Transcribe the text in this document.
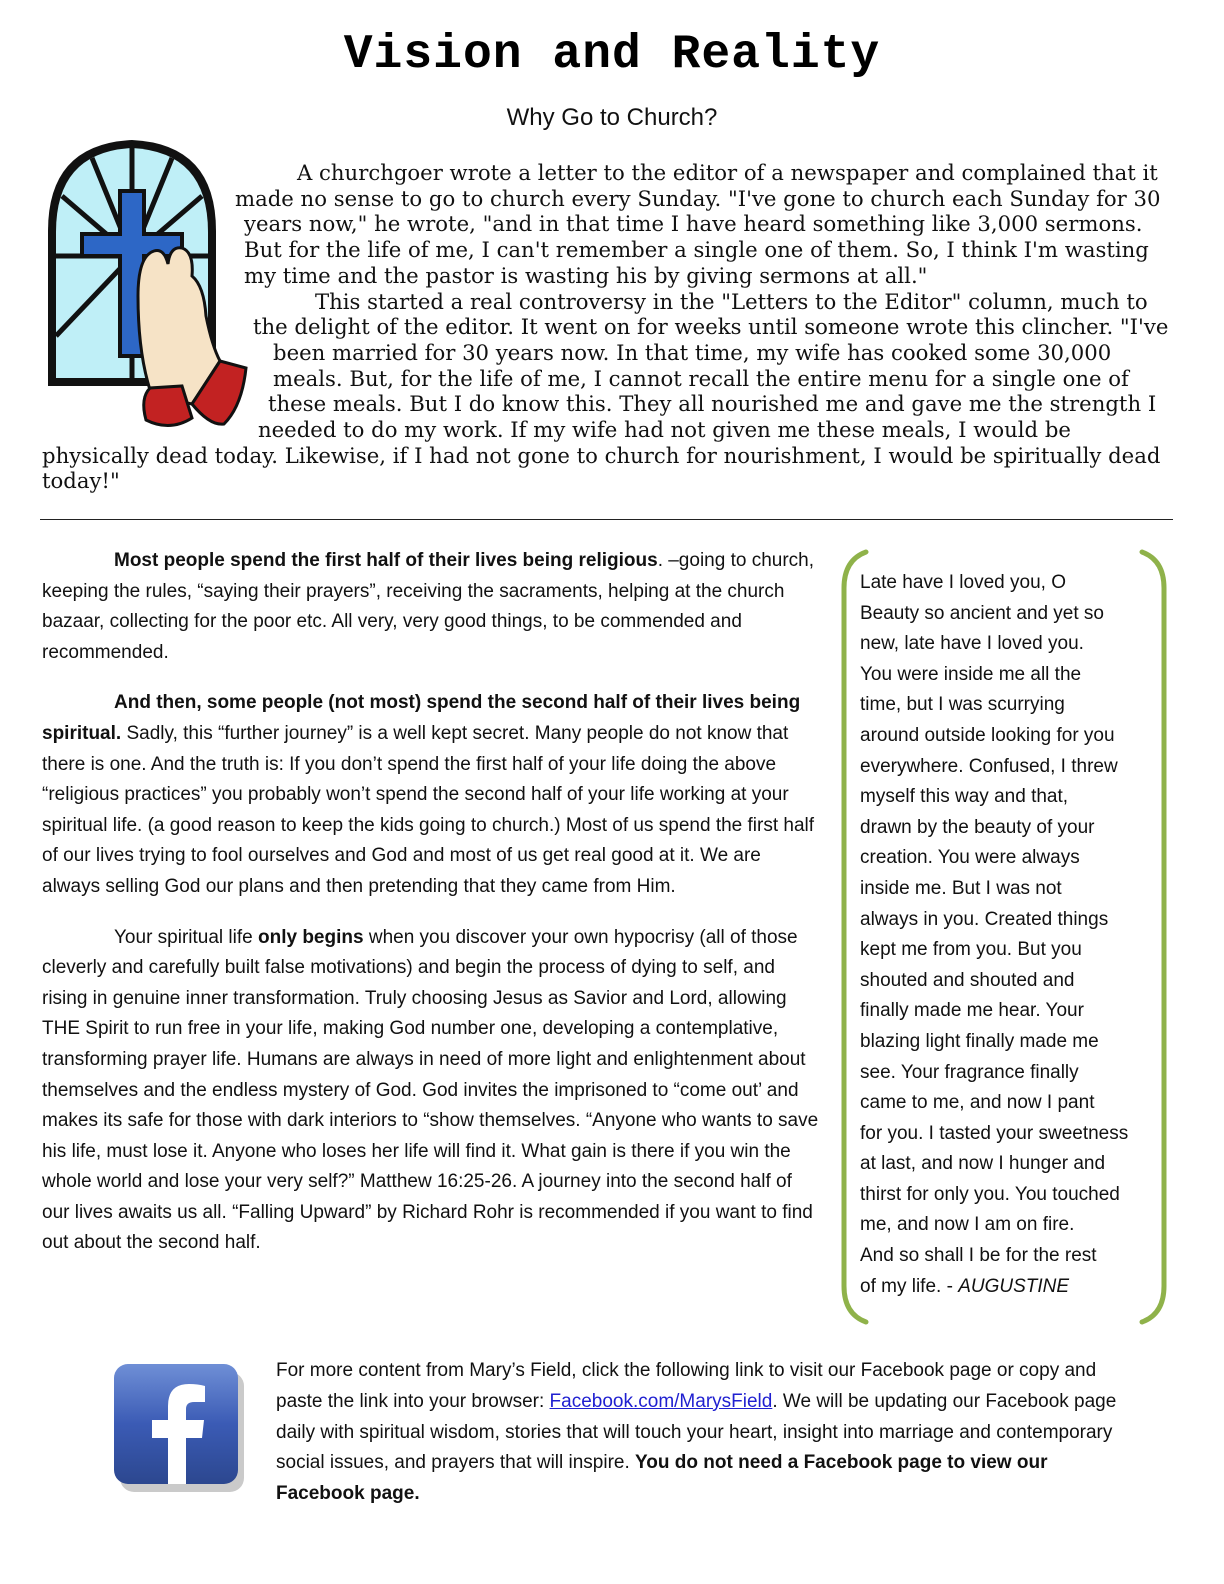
Vision and Reality
Why Go to Church?
A churchgoer wrote a letter to the editor of a newspaper and complained that it
made no sense to go to church every Sunday. "I've gone to church each Sunday for 30
years now," he wrote, "and in that time I have heard something like 3,000 sermons.
But for the life of me, I can't remember a single one of them. So, I think I'm wasting
my time and the pastor is wasting his by giving sermons at all."
This started a real controversy in the "Letters to the Editor" column, much to
the delight of the editor. It went on for weeks until someone wrote this clincher. "I've
been married for 30 years now. In that time, my wife has cooked some 30,000
meals. But, for the life of me, I cannot recall the entire menu for a single one of
these meals. But I do know this. They all nourished me and gave me the strength I
needed to do my work. If my wife had not given me these meals, I would be
physically dead today. Likewise, if I had not gone to church for nourishment, I would be spiritually dead
today!"

Most people spend the first half of their lives being religious. –going to church, keeping the rules, “saying their prayers”, receiving the sacraments, helping at the church bazaar, collecting for the poor etc. All very, very good things, to be commended and recommended.

And then, some people (not most) spend the second half of their lives being spiritual. Sadly, this “further journey” is a well kept secret. Many people do not know that there is one. And the truth is: If you don’t spend the first half of your life doing the above “religious practices” you probably won’t spend the second half of your life working at your spiritual life. (a good reason to keep the kids going to church.) Most of us spend the first half of our lives trying to fool ourselves and God and most of us get real good at it. We are always selling God our plans and then pretending that they came from Him.

Your spiritual life only begins when you discover your own hypocrisy (all of those cleverly and carefully built false motivations) and begin the process of dying to self, and rising in genuine inner transformation. Truly choosing Jesus as Savior and Lord, allowing THE Spirit to run free in your life, making God number one, developing a contemplative, transforming prayer life. Humans are always in need of more light and enlightenment about themselves and the endless mystery of God. God invites the imprisoned to “come out’ and makes its safe for those with dark interiors to “show themselves. “Anyone who wants to save his life, must lose it. Anyone who loses her life will find it. What gain is there if you win the whole world and lose your very self?” Matthew 16:25-26. A journey into the second half of our lives awaits us all. “Falling Upward” by Richard Rohr is recommended if you want to find out about the second half.

Late have I loved you, O
Beauty so ancient and yet so
new, late have I loved you.
You were inside me all the
time, but I was scurrying
around outside looking for you
everywhere. Confused, I threw
myself this way and that,
drawn by the beauty of your
creation. You were always
inside me. But I was not
always in you. Created things
kept me from you. But you
shouted and shouted and
finally made me hear. Your
blazing light finally made me
see. Your fragrance finally
came to me, and now I pant
for you. I tasted your sweetness
at last, and now I hunger and
thirst for only you. You touched
me, and now I am on fire.
And so shall I be for the rest
of my life. - AUGUSTINE
For more content from Mary’s Field, click the following link to visit our Facebook page or copy and paste the link into your browser: Facebook.com/MarysField. We will be updating our Facebook page daily with spiritual wisdom, stories that will touch your heart, insight into marriage and contemporary social issues, and prayers that will inspire. You do not need a Facebook page to view our Facebook page.
